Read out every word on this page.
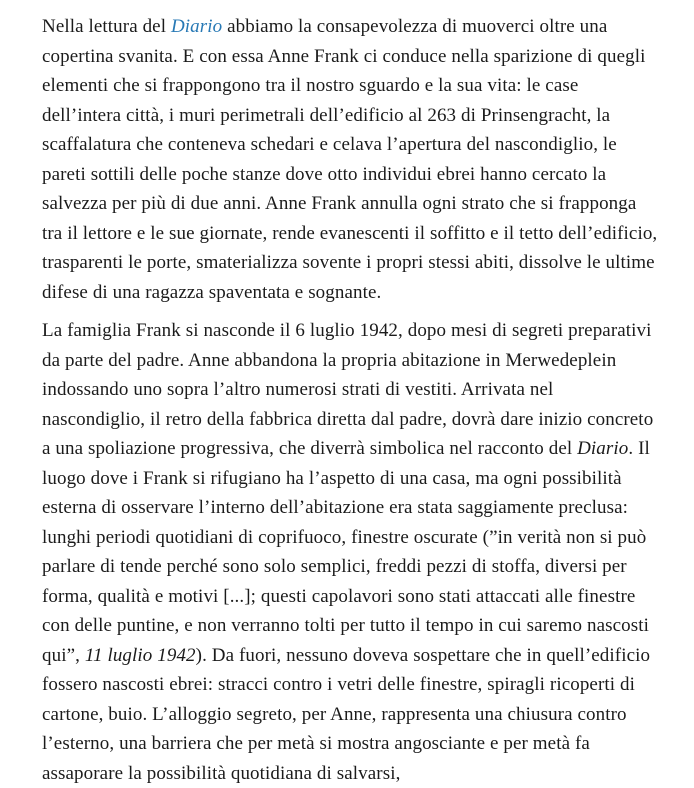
Nella lettura del Diario abbiamo la consapevolezza di muoverci oltre una copertina svanita. E con essa Anne Frank ci conduce nella sparizione di quegli elementi che si frappongono tra il nostro sguardo e la sua vita: le case dell’intera città, i muri perimetrali dell’edificio al 263 di Prinsengracht, la scaffalatura che conteneva schedari e celava l’apertura del nascondiglio, le pareti sottili delle poche stanze dove otto individui ebrei hanno cercato la salvezza per più di due anni. Anne Frank annulla ogni strato che si frapponga tra il lettore e le sue giornate, rende evanescenti il soffitto e il tetto dell’edificio, trasparenti le porte, smaterializza sovente i propri stessi abiti, dissolve le ultime difese di una ragazza spaventata e sognante.

La famiglia Frank si nasconde il 6 luglio 1942, dopo mesi di segreti preparativi da parte del padre. Anne abbandona la propria abitazione in Merwedeplein indossando uno sopra l’altro numerosi strati di vestiti. Arrivata nel nascondiglio, il retro della fabbrica diretta dal padre, dovrà dare inizio concreto a una spoliazione progressiva, che diverrà simbolica nel racconto del Diario. Il luogo dove i Frank si rifugiano ha l’aspetto di una casa, ma ogni possibilità esterna di osservare l’interno dell’abitazione era stata saggiamente preclusa: lunghi periodi quotidiani di coprifuoco, finestre oscurate (”in verità non si può parlare di tende perché sono solo semplici, freddi pezzi di stoffa, diversi per forma, qualità e motivi [...]; questi capolavori sono stati attaccati alle finestre con delle puntine, e non verranno tolti per tutto il tempo in cui saremo nascosti qui”, 11 luglio 1942). Da fuori, nessuno doveva sospettare che in quell’edificio fossero nascosti ebrei: stracci contro i vetri delle finestre, spiragli ricoperti di cartone, buio. L’alloggio segreto, per Anne, rappresenta una chiusura contro l’esterno, una barriera che per metà si mostra angosciante e per metà fa assaporare la possibilità quotidiana di salvarsi,
